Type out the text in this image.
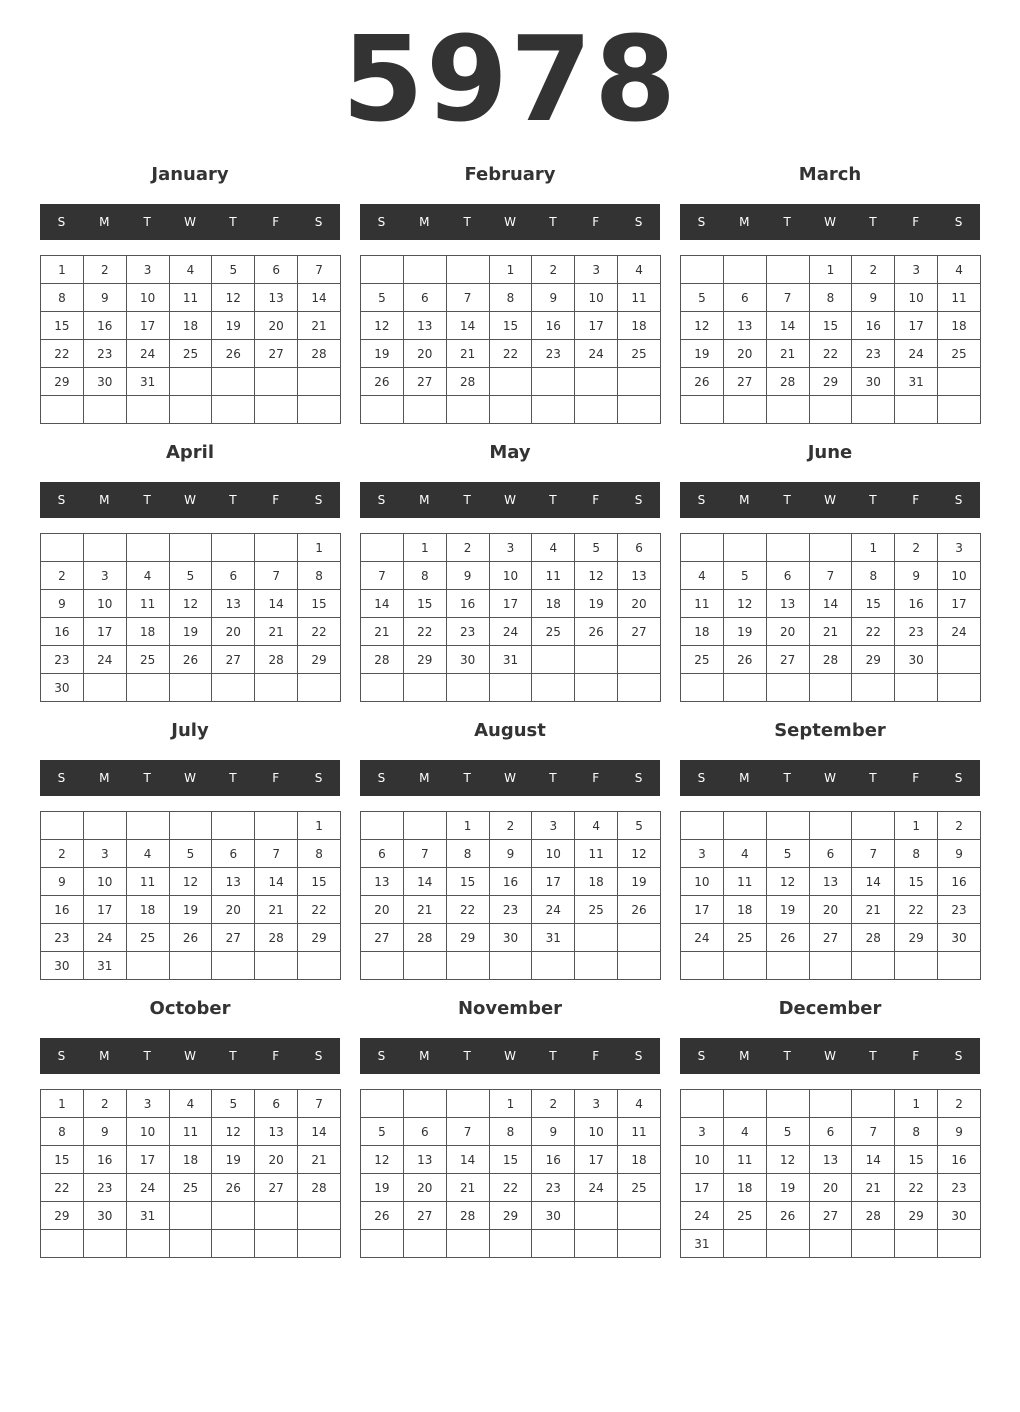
5978
January
S	M	T	W	T	F	S
1	2	3	4	5	6	7
8	9	10	11	12	13	14
15	16	17	18	19	20	21
22	23	24	25	26	27	28
29	30	31				

February
S	M	T	W	T	F	S
			1	2	3	4
5	6	7	8	9	10	11
12	13	14	15	16	17	18
19	20	21	22	23	24	25
26	27	28				

March
S	M	T	W	T	F	S
			1	2	3	4
5	6	7	8	9	10	11
12	13	14	15	16	17	18
19	20	21	22	23	24	25
26	27	28	29	30	31	

April
S	M	T	W	T	F	S
						1
2	3	4	5	6	7	8
9	10	11	12	13	14	15
16	17	18	19	20	21	22
23	24	25	26	27	28	29
30						
May
S	M	T	W	T	F	S
	1	2	3	4	5	6
7	8	9	10	11	12	13
14	15	16	17	18	19	20
21	22	23	24	25	26	27
28	29	30	31			

June
S	M	T	W	T	F	S
				1	2	3
4	5	6	7	8	9	10
11	12	13	14	15	16	17
18	19	20	21	22	23	24
25	26	27	28	29	30	

July
S	M	T	W	T	F	S
						1
2	3	4	5	6	7	8
9	10	11	12	13	14	15
16	17	18	19	20	21	22
23	24	25	26	27	28	29
30	31					
August
S	M	T	W	T	F	S
		1	2	3	4	5
6	7	8	9	10	11	12
13	14	15	16	17	18	19
20	21	22	23	24	25	26
27	28	29	30	31		

September
S	M	T	W	T	F	S
					1	2
3	4	5	6	7	8	9
10	11	12	13	14	15	16
17	18	19	20	21	22	23
24	25	26	27	28	29	30

October
S	M	T	W	T	F	S
1	2	3	4	5	6	7
8	9	10	11	12	13	14
15	16	17	18	19	20	21
22	23	24	25	26	27	28
29	30	31				

November
S	M	T	W	T	F	S
			1	2	3	4
5	6	7	8	9	10	11
12	13	14	15	16	17	18
19	20	21	22	23	24	25
26	27	28	29	30		

December
S	M	T	W	T	F	S
					1	2
3	4	5	6	7	8	9
10	11	12	13	14	15	16
17	18	19	20	21	22	23
24	25	26	27	28	29	30
31						
